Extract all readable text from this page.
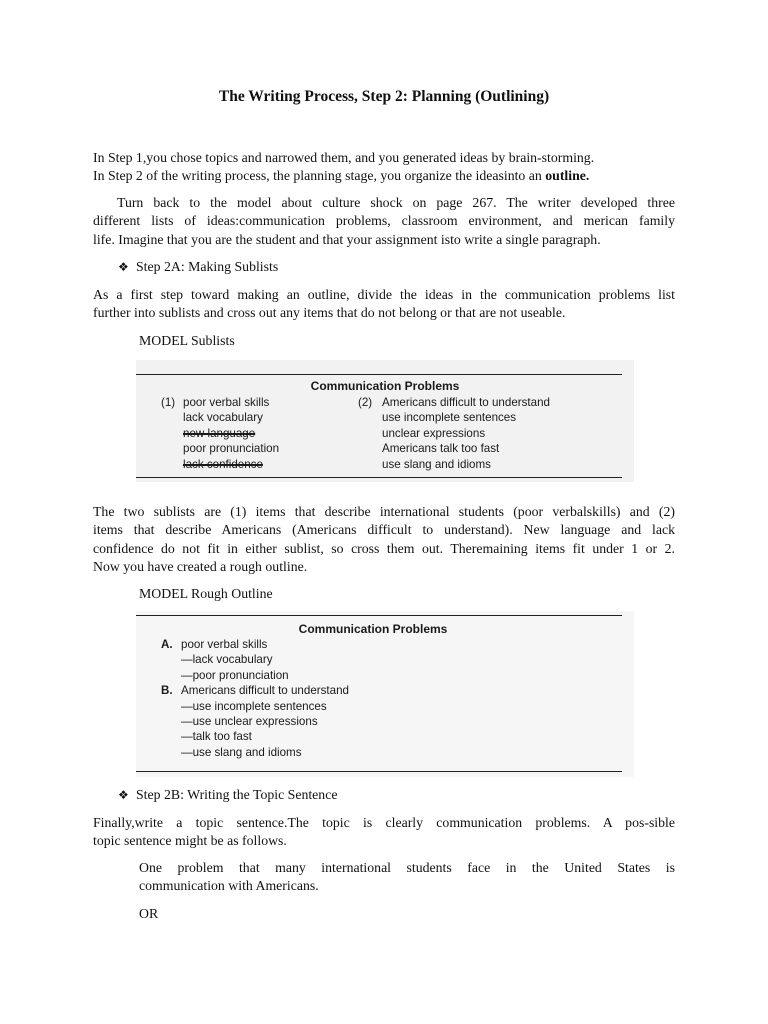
The Writing Process, Step 2: Planning (Outlining)
In Step 1,you chose topics and narrowed them, and you generated ideas by brain-storming.
In Step 2 of the writing process, the planning stage, you organize the ideasinto an outline.
Turn back to the model about culture shock on page 267. The writer developed three
different lists of ideas:communication problems, classroom environment, and merican family
life. Imagine that you are the student and that your assignment isto write a single paragraph.
❖ Step 2A: Making Sublists
As a first step toward making an outline, divide the ideas in the communication problems list
further into sublists and cross out any items that do not belong or that are not useable.
MODEL Sublists
Communication Problems
(1) poor verbal skills
lack vocabulary
new language
poor pronunciation
lack confidence
(2) Americans difficult to understand
use incomplete sentences
unclear expressions
Americans talk too fast
use slang and idioms
The two sublists are (1) items that describe international students (poor verbalskills) and (2)
items that describe Americans (Americans difficult to understand). New language and lack
confidence do not fit in either sublist, so cross them out. Theremaining items fit under 1 or 2.
Now you have created a rough outline.
MODEL Rough Outline
Communication Problems
A. poor verbal skills
—lack vocabulary
—poor pronunciation
B. Americans difficult to understand
—use incomplete sentences
—use unclear expressions
—talk too fast
—use slang and idioms
❖ Step 2B: Writing the Topic Sentence
Finally,write a topic sentence.The topic is clearly communication problems. A pos-sible
topic sentence might be as follows.
One problem that many international students face in the United States is
communication with Americans.
OR
